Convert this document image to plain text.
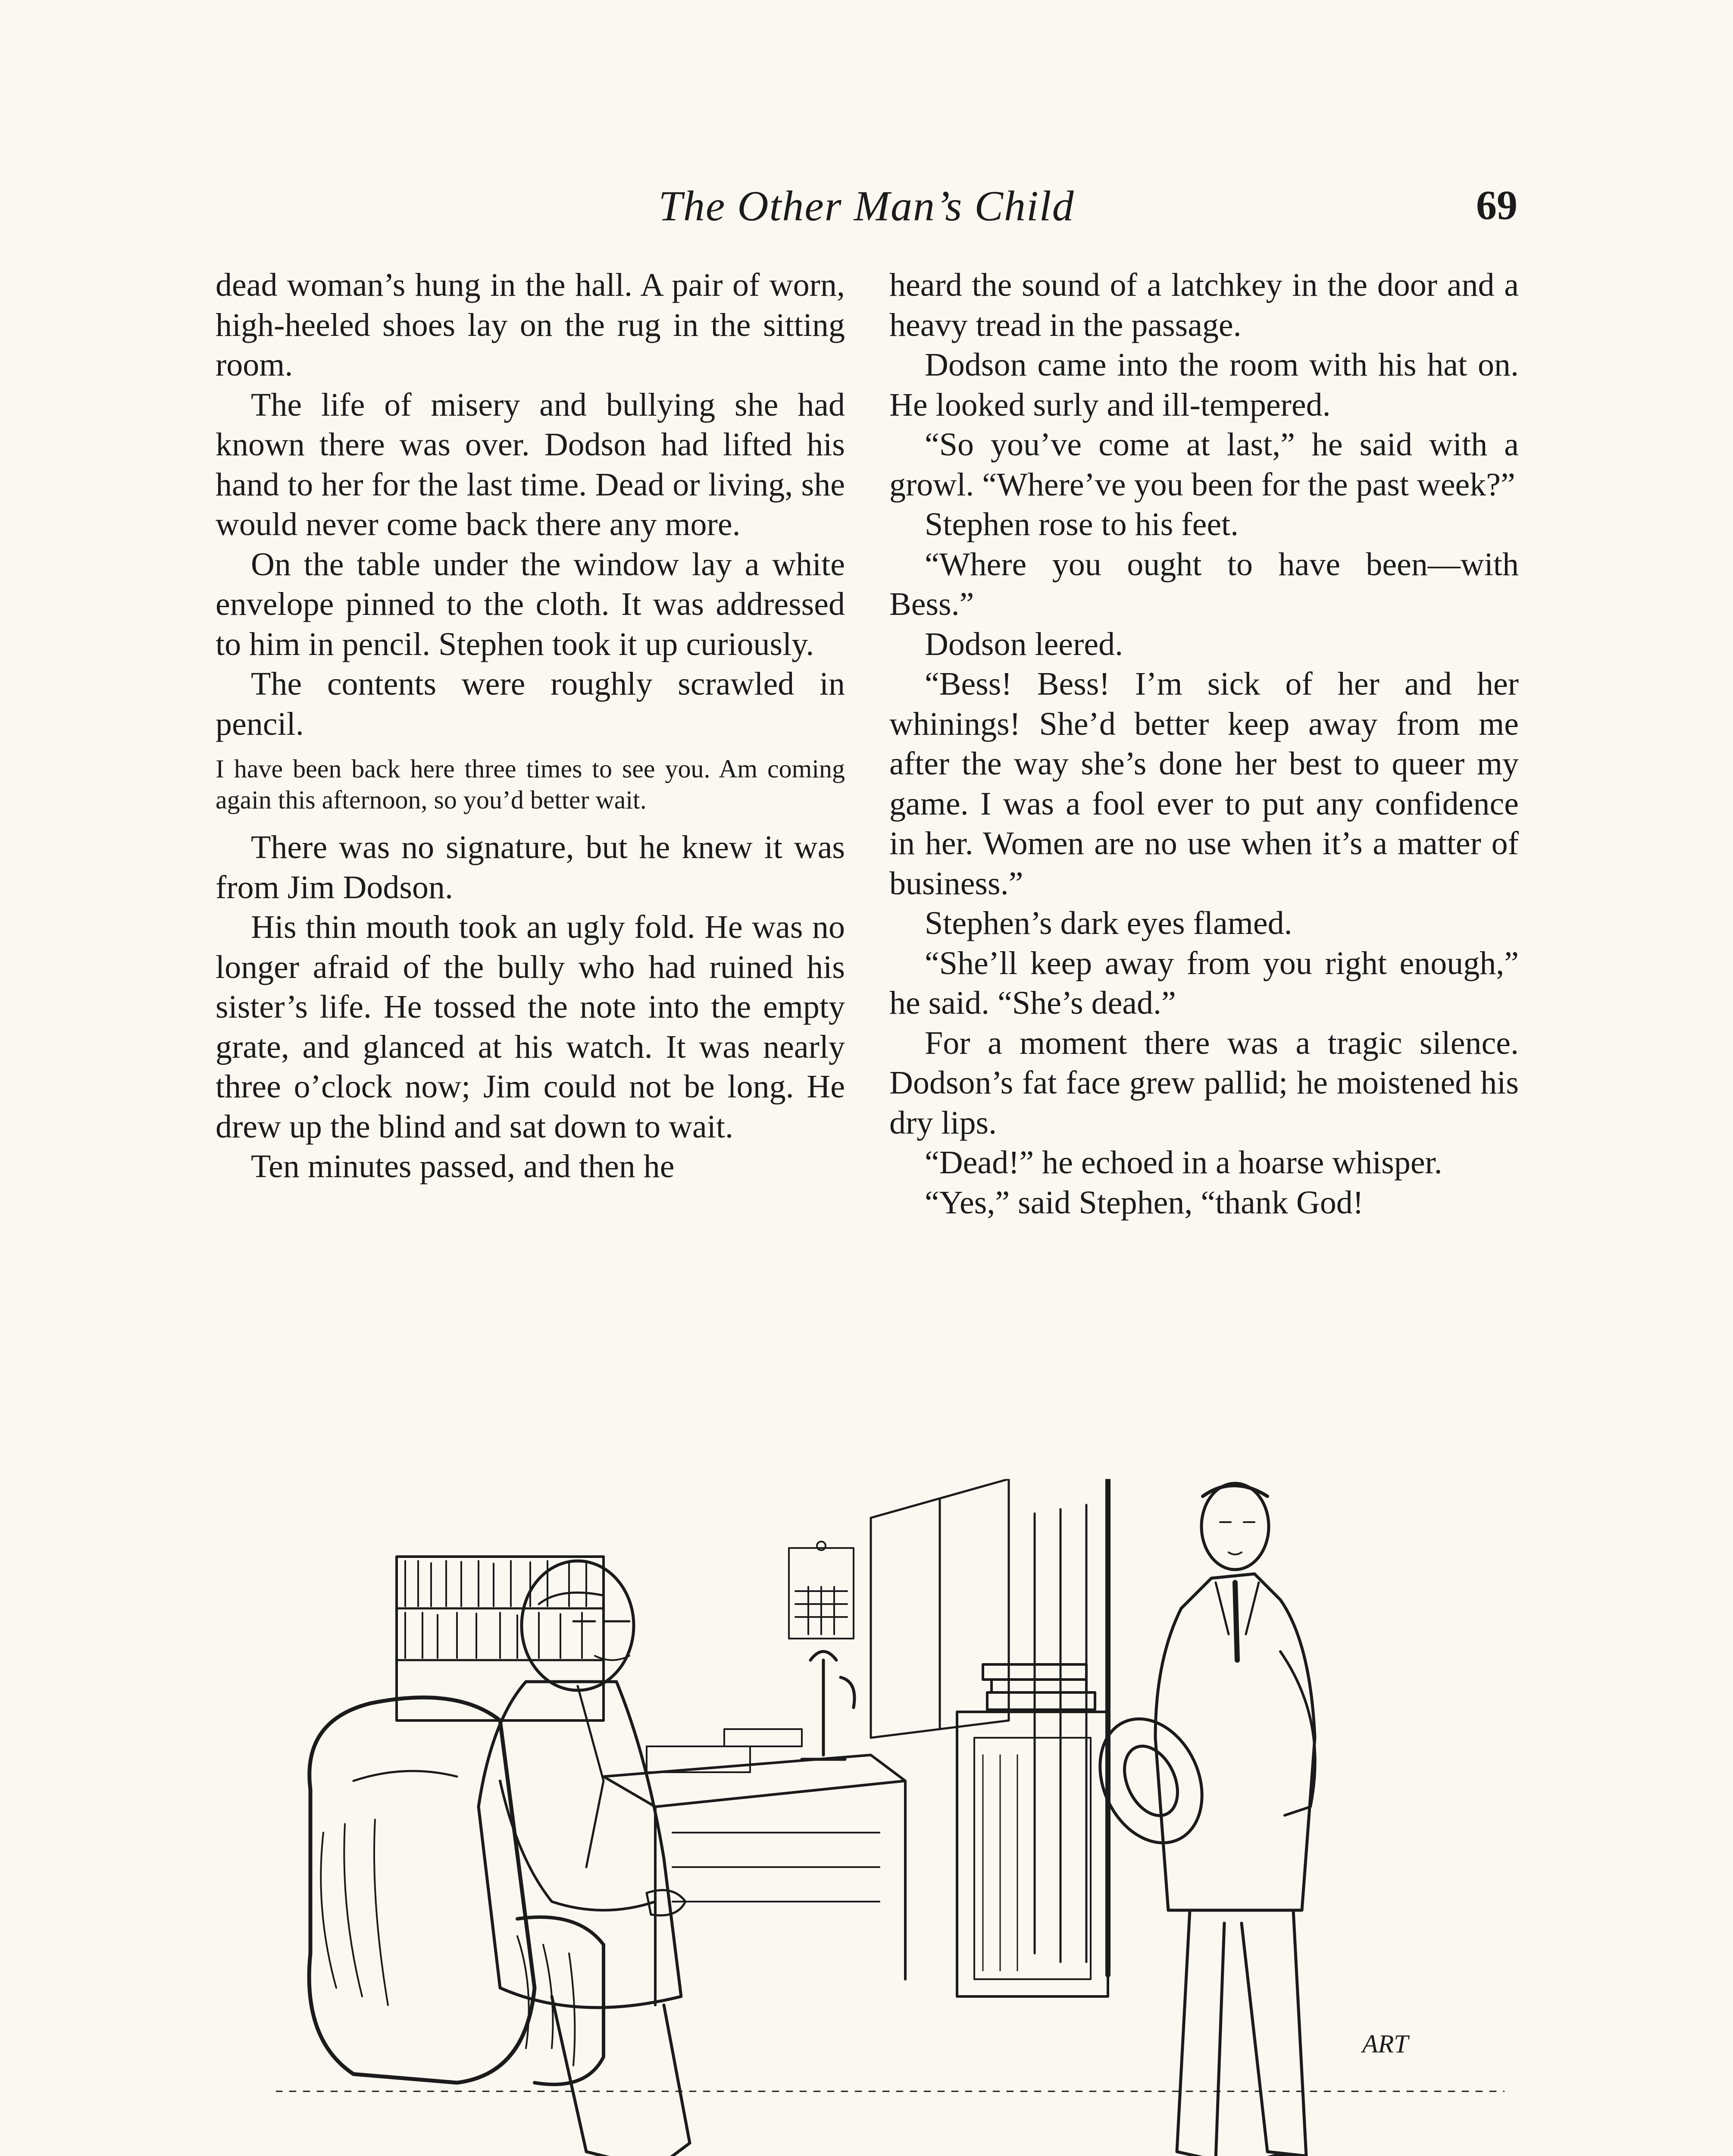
The Other Man’s Child	69

dead woman’s hung in the hall. A pair of worn, high-heeled shoes lay on the rug in the sitting room.

The life of misery and bullying she had known there was over. Dodson had lifted his hand to her for the last time. Dead or living, she would never come back there any more.

On the table under the window lay a white envelope pinned to the cloth. It was addressed to him in pencil. Stephen took it up curiously.

The contents were roughly scrawled in pencil.

I have been back here three times to see you. Am coming again this afternoon, so you’d better wait.

There was no signature, but he knew it was from Jim Dodson.

His thin mouth took an ugly fold. He was no longer afraid of the bully who had ruined his sister’s life. He tossed the note into the empty grate, and glanced at his watch. It was nearly three o’clock now; Jim could not be long. He drew up the blind and sat down to wait.

Ten minutes passed, and then he

heard the sound of a latchkey in the door and a heavy tread in the passage.

Dodson came into the room with his hat on. He looked surly and ill-tempered.

“So you’ve come at last,” he said with a growl. “Where’ve you been for the past week?”

Stephen rose to his feet.

“Where you ought to have been—with Bess.”

Dodson leered.

“Bess! Bess! I’m sick of her and her whinings! She’d better keep away from me after the way she’s done her best to queer my game. I was a fool ever to put any confidence in her. Women are no use when it’s a matter of business.”

Stephen’s dark eyes flamed.

“She’ll keep away from you right enough,” he said. “She’s dead.”

For a moment there was a tragic silence. Dodson’s fat face grew pallid; he moistened his dry lips.

“Dead!” he echoed in a hoarse whisper.

“Yes,” said Stephen, “thank God!

ART
